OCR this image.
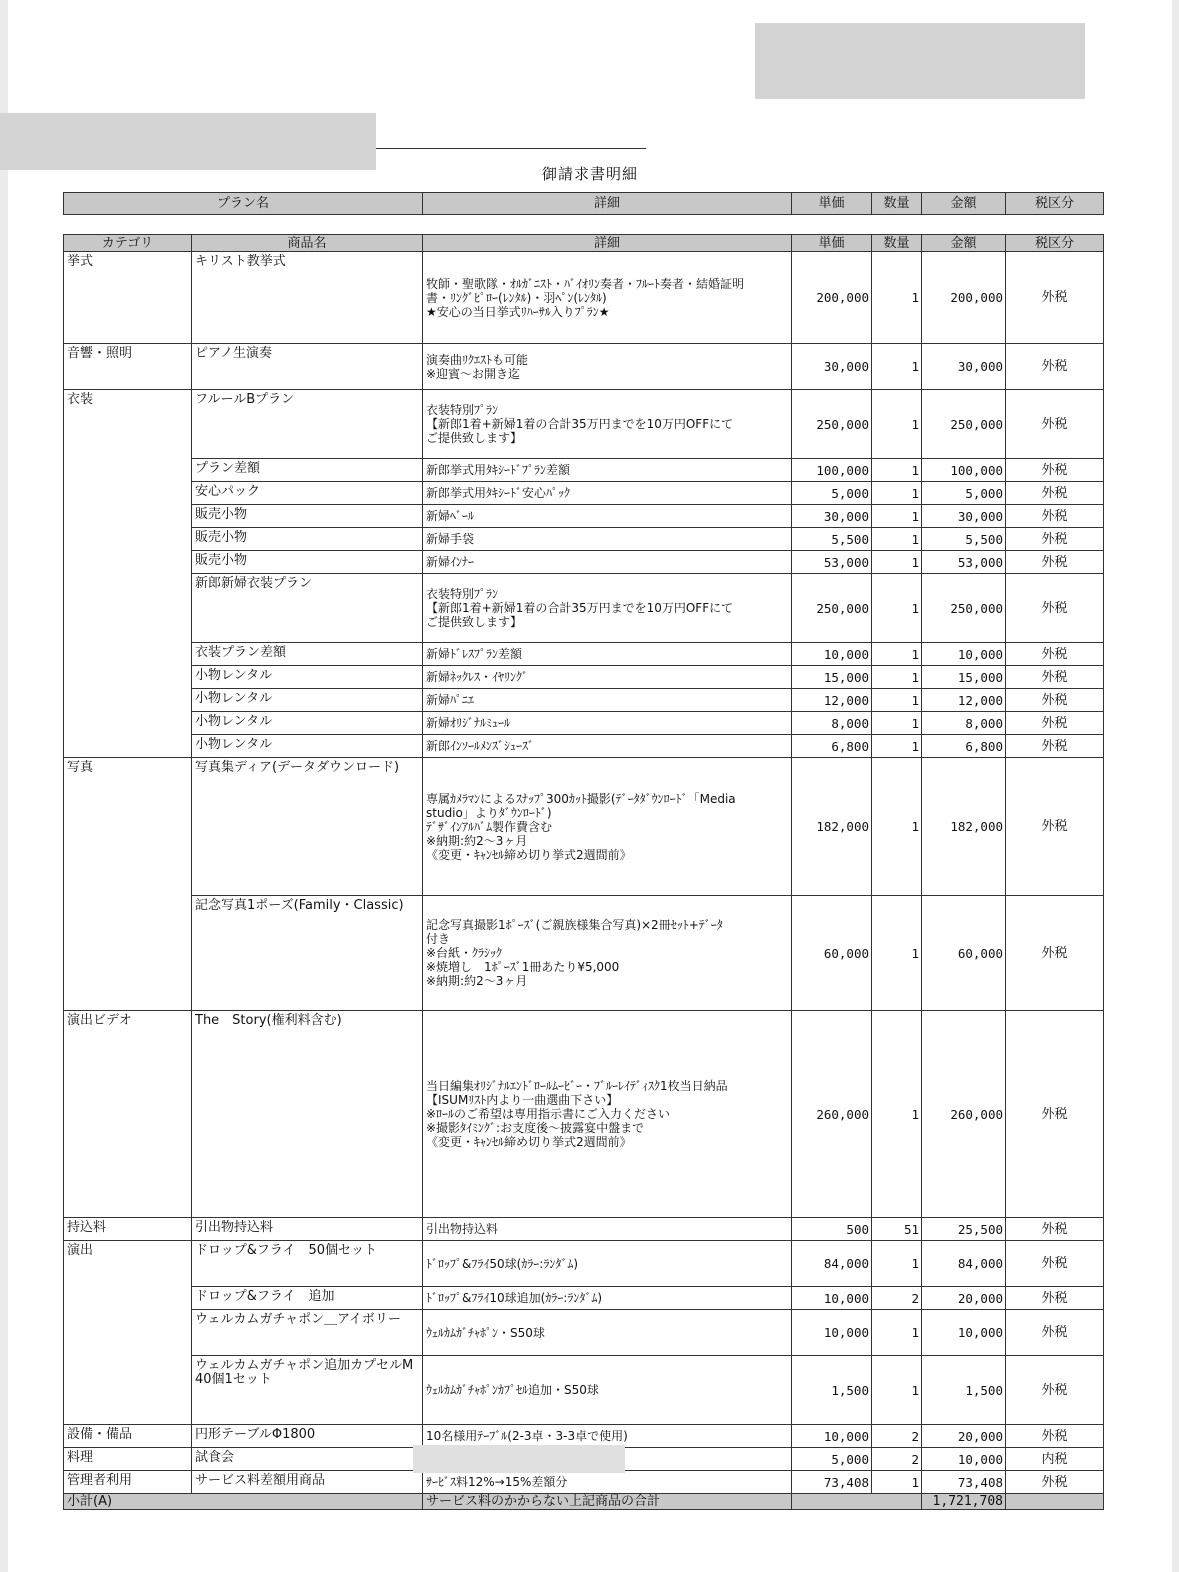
御請求書明細
プラン名	詳細	単価	数量	金額	税区分
カテゴリ	商品名	詳細	単価	数量	金額	税区分
挙式	キリスト教挙式	牧師・聖歌隊・ｵﾙｶﾞﾆｽﾄ・ﾊﾞｲｵﾘﾝ奏者・ﾌﾙｰﾄ奏者・結婚証明
書・ﾘﾝｸﾞﾋﾟﾛｰ(ﾚﾝﾀﾙ)・羽ﾍﾟﾝ(ﾚﾝﾀﾙ)
★安心の当日挙式ﾘﾊｰｻﾙ入りﾌﾟﾗﾝ★	200,000	1	200,000	外税
音響・照明	ピアノ生演奏	演奏曲ﾘｸｴｽﾄも可能
※迎賓～お開き迄	30,000	1	30,000	外税
衣装	フルールBプラン	衣装特別ﾌﾟﾗﾝ
【新郎1着+新婦1着の合計35万円までを10万円OFFにて
ご提供致します】	250,000	1	250,000	外税
	プラン差額	新郎挙式用ﾀｷｼｰﾄﾞﾌﾟﾗﾝ差額	100,000	1	100,000	外税
	安心パック	新郎挙式用ﾀｷｼｰﾄﾞ安心ﾊﾟｯｸ	5,000	1	5,000	外税
	販売小物	新婦ﾍﾞｰﾙ	30,000	1	30,000	外税
	販売小物	新婦手袋	5,500	1	5,500	外税
	販売小物	新婦ｲﾝﾅｰ	53,000	1	53,000	外税
	新郎新婦衣装プラン	衣装特別ﾌﾟﾗﾝ
【新郎1着+新婦1着の合計35万円までを10万円OFFにて
ご提供致します】	250,000	1	250,000	外税
	衣装プラン差額	新婦ﾄﾞﾚｽﾌﾟﾗﾝ差額	10,000	1	10,000	外税
	小物レンタル	新婦ﾈｯｸﾚｽ・ｲﾔﾘﾝｸﾞ	15,000	1	15,000	外税
	小物レンタル	新婦ﾊﾟﾆｴ	12,000	1	12,000	外税
	小物レンタル	新婦ｵﾘｼﾞﾅﾙﾐｭｰﾙ	8,000	1	8,000	外税
	小物レンタル	新郎ｲﾝｿｰﾙﾒﾝｽﾞｼｭｰｽﾞ	6,800	1	6,800	外税
写真	写真集ディア(データダウンロード)	専属ｶﾒﾗﾏﾝによるｽﾅｯﾌﾟ300ｶｯﾄ撮影(ﾃﾞｰﾀﾀﾞｳﾝﾛｰﾄﾞ「Media
studio」よりﾀﾞｳﾝﾛｰﾄﾞ)
ﾃﾞｻﾞｲﾝｱﾙﾊﾞﾑ製作費含む
※納期:約2～3ヶ月
《変更・ｷｬﾝｾﾙ締め切り挙式2週間前》	182,000	1	182,000	外税
	記念写真1ポーズ(Family・Classic)	記念写真撮影1ﾎﾟｰｽﾞ(ご親族様集合写真)×2冊ｾｯﾄ+ﾃﾞｰﾀ
付き
※台紙・ｸﾗｼｯｸ
※焼増し　1ﾎﾟｰｽﾞ1冊あたり¥5,000
※納期:約2～3ヶ月	60,000	1	60,000	外税
演出ビデオ	The　Story(権利料含む)	当日編集ｵﾘｼﾞﾅﾙｴﾝﾄﾞﾛｰﾙﾑｰﾋﾞｰ・ﾌﾞﾙｰﾚｲﾃﾞｨｽｸ1枚当日納品
【ISUMﾘｽﾄ内より一曲選曲下さい】
※ﾛｰﾙのご希望は専用指示書にご入力ください
※撮影ﾀｲﾐﾝｸﾞ:お支度後～披露宴中盤まで
《変更・ｷｬﾝｾﾙ締め切り挙式2週間前》	260,000	1	260,000	外税
持込料	引出物持込料	引出物持込料	500	51	25,500	外税
演出	ドロップ&フライ　50個セット	ﾄﾞﾛｯﾌﾟ&ﾌﾗｲ50球(ｶﾗｰ:ﾗﾝﾀﾞﾑ)	84,000	1	84,000	外税
	ドロップ&フライ　追加	ﾄﾞﾛｯﾌﾟ&ﾌﾗｲ10球追加(ｶﾗｰ:ﾗﾝﾀﾞﾑ)	10,000	2	20,000	外税
	ウェルカムガチャポン＿アイボリー	ｳｪﾙｶﾑｶﾞﾁｬﾎﾟﾝ・S50球	10,000	1	10,000	外税
	ウェルカムガチャポン追加カプセルM
40個1セット	ｳｪﾙｶﾑｶﾞﾁｬﾎﾟﾝｶﾌﾟｾﾙ追加・S50球	1,500	1	1,500	外税
設備・備品	円形テーブルΦ1800	10名様用ﾃｰﾌﾞﾙ(2-3卓・3-3卓で使用)	10,000	2	20,000	外税
料理	試食会		5,000	2	10,000	内税
管理者利用	サービス料差額用商品	ｻｰﾋﾞｽ料12%→15%差額分	73,408	1	73,408	外税
小計(A)		サービス料のかからない上記商品の合計			1,721,708	
